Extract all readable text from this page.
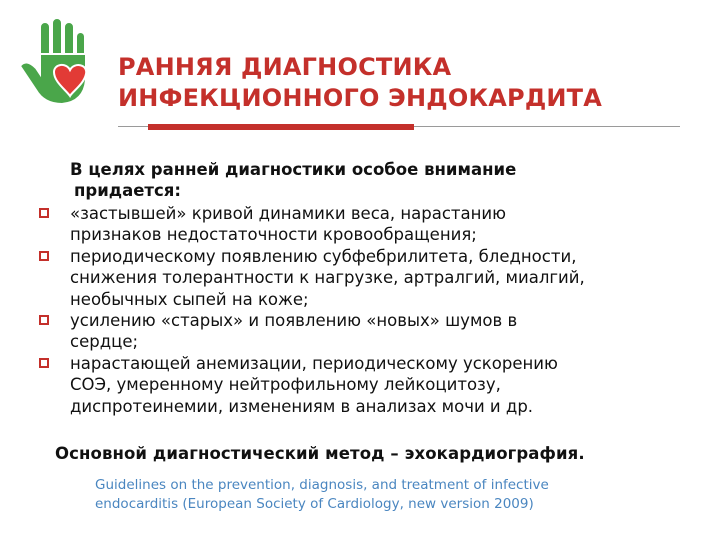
РАННЯЯ ДИАГНОСТИКА
ИНФЕКЦИОННОГО ЭНДОКАРДИТА
В целях ранней диагностики особое внимание
придается:
«застывшей» кривой динамики веса, нарастанию
признаков недостаточности кровообращения;
периодическому появлению субфебрилитета, бледности,
снижения толерантности к нагрузке, артралгий, миалгий,
необычных сыпей на коже;
усилению «старых» и появлению «новых» шумов в
сердце;
нарастающей анемизации, периодическому ускорению
СОЭ, умеренному нейтрофильному лейкоцитозу,
диспротеинемии, изменениям в анализах мочи и др.
Основной диагностический метод – эхокардиография.
Guidelines on the prevention, diagnosis, and treatment of infective
endocarditis (European Society of Cardiology, new version 2009)
